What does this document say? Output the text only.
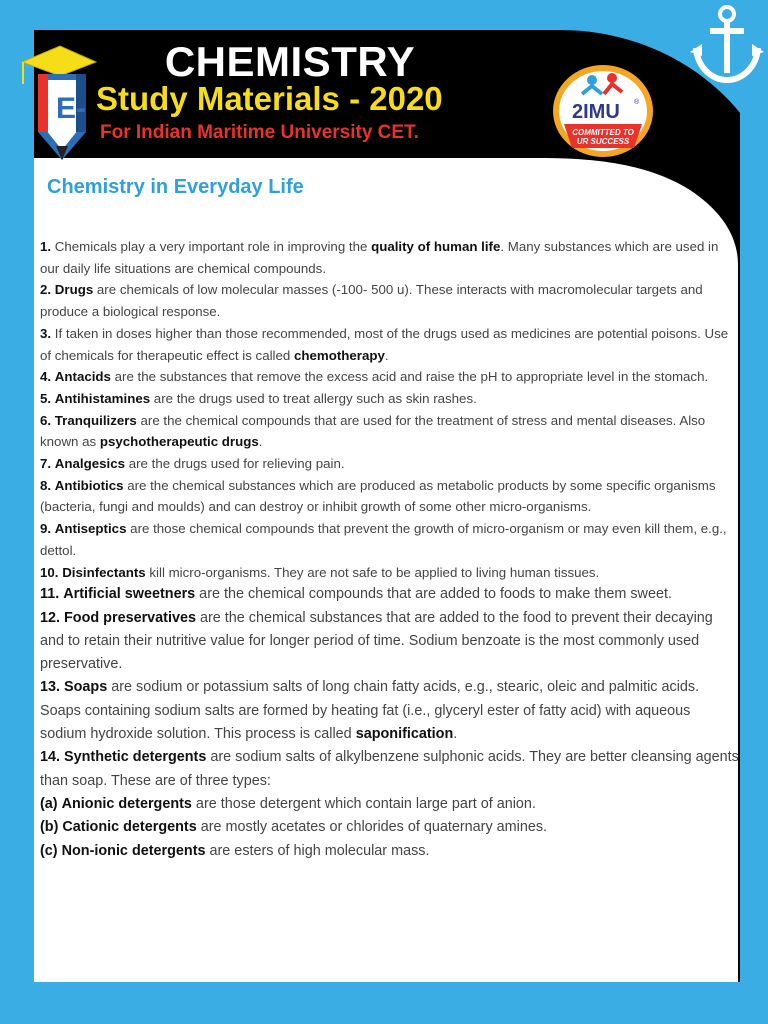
E-
CHEMISTRY
Study Materials - 2020
For Indian Maritime University CET.
2IMU ®
COMMITTED TO
UR SUCCESS
Chemistry in Everyday Life

1. Chemicals play a very important role in improving the quality of human life. Many substances which are used in our daily life situations are chemical compounds.

2. Drugs are chemicals of low molecular masses (-100- 500 u). These interacts with macromolecular targets and produce a biological response.

3. If taken in doses higher than those recommended, most of the drugs used as medicines are potential poisons. Use of chemicals for therapeutic effect is called chemotherapy.

4. Antacids are the substances that remove the excess acid and raise the pH to appropriate level in the stomach.

5. Antihistamines are the drugs used to treat allergy such as skin rashes.

6. Tranquilizers are the chemical compounds that are used for the treatment of stress and mental diseases. Also known as psychotherapeutic drugs.

7. Analgesics are the drugs used for relieving pain.

8. Antibiotics are the chemical substances which are produced as metabolic products by some specific organisms (bacteria, fungi and moulds) and can destroy or inhibit growth of some other micro-organisms.

9. Antiseptics are those chemical compounds that prevent the growth of micro-organism or may even kill them, e.g., dettol.

10. Disinfectants kill micro-organisms. They are not safe to be applied to living human tissues.

11. Artificial sweetners are the chemical compounds that are added to foods to make them sweet.

12. Food preservatives are the chemical substances that are added to the food to prevent their decaying and to retain their nutritive value for longer period of time. Sodium benzoate is the most commonly used preservative.

13. Soaps are sodium or potassium salts of long chain fatty acids, e.g., stearic, oleic and palmitic acids. Soaps containing sodium salts are formed by heating fat (i.e., glyceryl ester of fatty acid) with aqueous sodium hydroxide solution. This process is called saponification.

14. Synthetic detergents are sodium salts of alkylbenzene sulphonic acids. They are better cleansing agents than soap. These are of three types:

(a) Anionic detergents are those detergent which contain large part of anion.

(b) Cationic detergents are mostly acetates or chlorides of quaternary amines.

(c) Non-ionic detergents are esters of high molecular mass.
